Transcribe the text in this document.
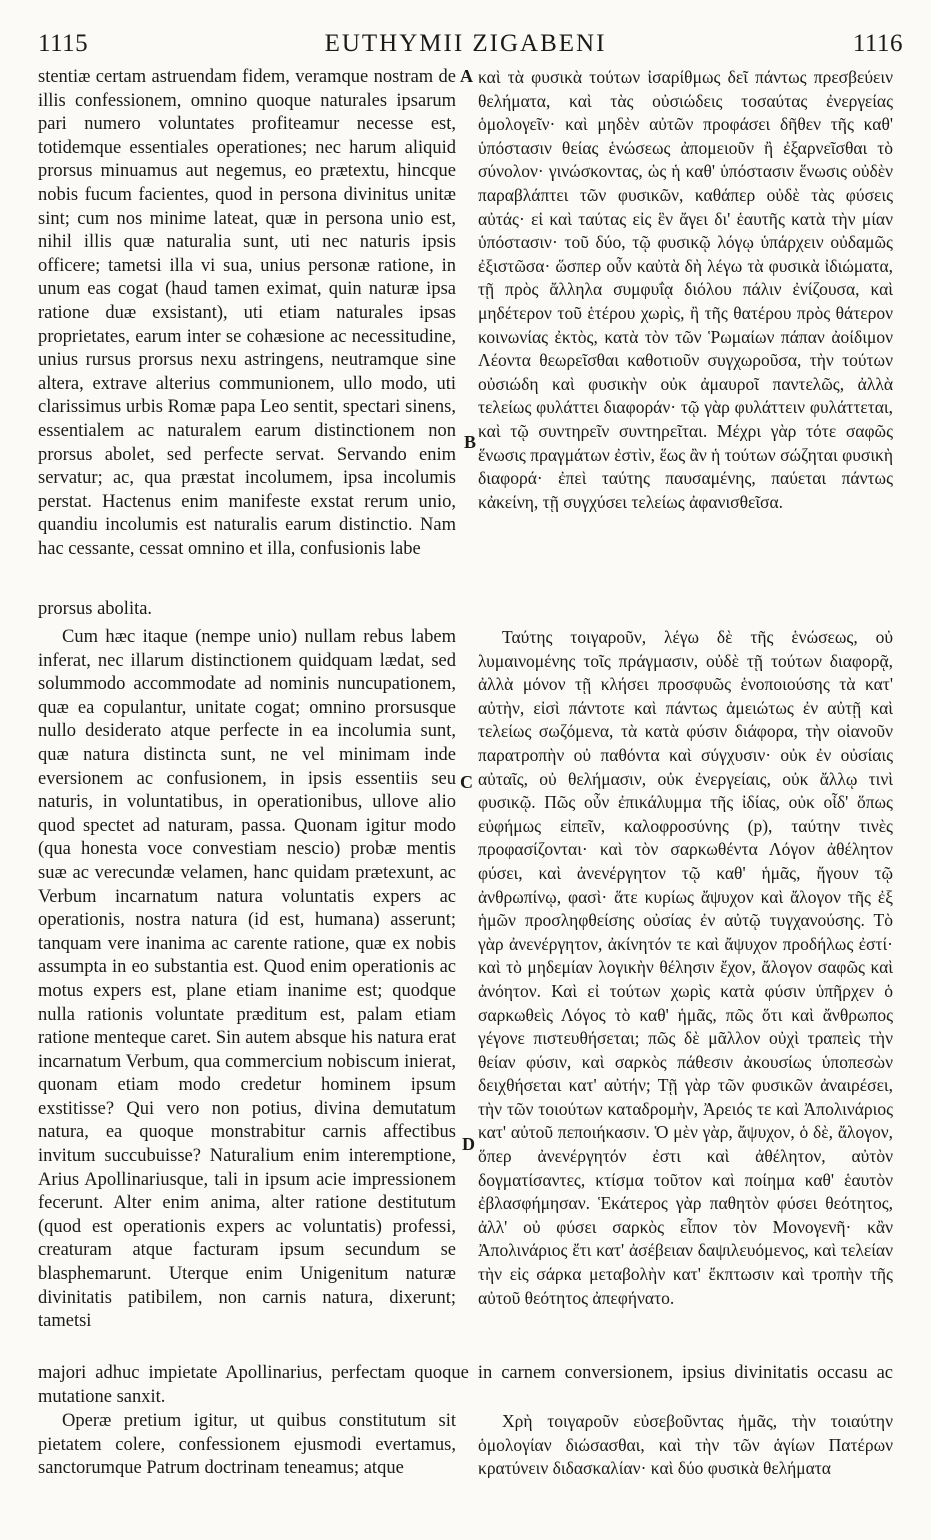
1115	EUTHYMII ZIGABENI	1116
A
B
C
D
stentiæ certam astruendam fidem, veramque nostram de illis confessionem, omnino quoque naturales ipsarum pari numero voluntates profiteamur necesse est, totidemque essentiales operationes; nec harum aliquid prorsus minuamus aut negemus, eo prætextu, hincque nobis fucum facientes, quod in persona divinitus unitæ sint; cum nos minime lateat, quæ in persona unio est, nihil illis quæ naturalia sunt, uti nec naturis ipsis officere; tametsi illa vi sua, unius personæ ratione, in unum eas cogat (haud tamen eximat, quin naturæ ipsa ratione duæ exsistant), uti etiam naturales ipsas proprietates, earum inter se cohæsione ac necessitudine, unius rursus prorsus nexu astringens, neutramque sine altera, extrave alterius communionem, ullo modo, uti clarissimus urbis Romæ papa Leo sentit, spectari sinens, essentialem ac naturalem earum distinctionem non prorsus abolet, sed perfecte servat. Servando enim servatur; ac, qua præstat incolumem, ipsa incolumis perstat. Hactenus enim manifeste exstat rerum unio, quandiu incolumis est naturalis earum distinctio. Nam hac cessante, cessat omnino et illa, confusionis labe
καὶ τὰ φυσικὰ τούτων ἰσαρίθμως δεῖ πάντως πρεσβεύειν θελήματα, καὶ τὰς οὐσιώδεις τοσαύτας ἐνεργείας ὁμολογεῖν· καὶ μηδὲν αὐτῶν προφάσει δῆθεν τῆς καθ' ὑπόστασιν θείας ἑνώσεως ἀπομειοῦν ἢ ἐξαρνεῖσθαι τὸ σύνολον· γινώσκοντας, ὡς ἡ καθ' ὑπόστασιν ἕνωσις οὐδὲν παραβλάπτει τῶν φυσικῶν, καθάπερ οὐδὲ τὰς φύσεις αὐτάς· εἰ καὶ ταύτας εἰς ἓν ἄγει δι' ἑαυτῆς κατὰ τὴν μίαν ὑπόστασιν· τοῦ δύο, τῷ φυσικῷ λόγῳ ὑπάρχειν οὐδαμῶς ἐξιστῶσα· ὥσπερ οὖν καὐτὰ δὴ λέγω τὰ φυσικὰ ἰδιώματα, τῇ πρὸς ἄλληλα συμφυΐᾳ διόλου πάλιν ἐνίζουσα, καὶ μηδέτερον τοῦ ἑτέρου χωρὶς, ἢ τῆς θατέρου πρὸς θάτερον κοινωνίας ἐκτὸς, κατὰ τὸν τῶν Ῥωμαίων πάπαν ἀοίδιμον Λέοντα θεωρεῖσθαι καθοτιοῦν συγχωροῦσα, τὴν τούτων οὐσιώδη καὶ φυσικὴν οὐκ ἀμαυροῖ παντελῶς, ἀλλὰ τελείως φυλάττει διαφοράν· τῷ γὰρ φυλάττειν φυλάττεται, καὶ τῷ συντηρεῖν συντηρεῖται. Μέχρι γὰρ τότε σαφῶς ἕνωσις πραγμάτων ἐστὶν, ἕως ἂν ἡ τούτων σώζηται φυσικὴ διαφορά· ἐπεὶ ταύτης παυσαμένης, παύεται πάντως κἀκείνη, τῇ συγχύσει τελείως ἀφανισθεῖσα.
prorsus abolita.
Cum hæc itaque (nempe unio) nullam rebus labem inferat, nec illarum distinctionem quidquam lædat, sed solummodo accommodate ad nominis nuncupationem, quæ ea copulantur, unitate cogat; omnino prorsusque nullo desiderato atque perfecte in ea incolumia sunt, quæ natura distincta sunt, ne vel minimam inde eversionem ac confusionem, in ipsis essentiis seu naturis, in voluntatibus, in operationibus, ullove alio quod spectet ad naturam, passa. Quonam igitur modo (qua honesta voce convestiam nescio) probæ mentis suæ ac verecundæ velamen, hanc quidam prætexunt, ac Verbum incarnatum natura voluntatis expers ac operationis, nostra natura (id est, humana) asserunt; tanquam vere inanima ac carente ratione, quæ ex nobis assumpta in eo substantia est. Quod enim operationis ac motus expers est, plane etiam inanime est; quodque nulla rationis voluntate præditum est, palam etiam ratione menteque caret. Sin autem absque his natura erat incarnatum Verbum, qua commercium nobiscum inierat, quonam etiam modo credetur hominem ipsum exstitisse? Qui vero non potius, divina demutatum natura, ea quoque monstrabitur carnis affectibus invitum succubuisse? Naturalium enim interemptione, Arius Apollinariusque, tali in ipsum acie impressionem fecerunt. Alter enim anima, alter ratione destitutum (quod est operationis expers ac voluntatis) professi, creaturam atque facturam ipsum secundum se blasphemarunt. Uterque enim Unigenitum naturæ divinitatis patibilem, non carnis natura, dixerunt; tametsi
Ταύτης τοιγαροῦν, λέγω δὲ τῆς ἑνώσεως, οὐ λυμαινομένης τοῖς πράγμασιν, οὐδὲ τῇ τούτων διαφορᾷ, ἀλλὰ μόνον τῇ κλήσει προσφυῶς ἑνοποιούσης τὰ κατ' αὐτὴν, εἰσὶ πάντοτε καὶ πάντως ἀμειώτως ἐν αὐτῇ καὶ τελείως σωζόμενα, τὰ κατὰ φύσιν διάφορα, τὴν οἱανοῦν παρατροπὴν οὐ παθόντα καὶ σύγχυσιν· οὐκ ἐν οὐσίαις αὐταῖς, οὐ θελήμασιν, οὐκ ἐνεργείαις, οὐκ ἄλλῳ τινὶ φυσικῷ. Πῶς οὖν ἐπικάλυμμα τῆς ἰδίας, οὐκ οἶδ' ὅπως εὐφήμως εἰπεῖν, καλοφροσύνης (p), ταύτην τινὲς προφασίζονται· καὶ τὸν σαρκωθέντα Λόγον ἀθέλητον φύσει, καὶ ἀνενέργητον τῷ καθ' ἡμᾶς, ἤγουν τῷ ἀνθρωπίνῳ, φασὶ· ἅτε κυρίως ἄψυχον καὶ ἄλογον τῆς ἐξ ἡμῶν προσληφθείσης οὐσίας ἐν αὐτῷ τυγχανούσης. Τὸ γὰρ ἀνενέργητον, ἀκίνητόν τε καὶ ἄψυχον προδήλως ἐστί· καὶ τὸ μηδεμίαν λογικὴν θέλησιν ἔχον, ἄλογον σαφῶς καὶ ἀνόητον. Καὶ εἰ τούτων χωρὶς κατὰ φύσιν ὑπῆρχεν ὁ σαρκωθεὶς Λόγος τὸ καθ' ἡμᾶς, πῶς ὅτι καὶ ἄνθρωπος γέγονε πιστευθήσεται; πῶς δὲ μᾶλλον οὐχὶ τραπεὶς τὴν θείαν φύσιν, καὶ σαρκὸς πάθεσιν ἀκουσίως ὑποπεσὼν δειχθήσεται κατ' αὐτήν; Τῇ γὰρ τῶν φυσικῶν ἀναιρέσει, τὴν τῶν τοιούτων καταδρομὴν, Ἀρειός τε καὶ Ἀπολινάριος κατ' αὐτοῦ πεποιήκασιν. Ὁ μὲν γὰρ, ἄψυχον, ὁ δὲ, ἄλογον, ὅπερ ἀνενέργητόν ἐστι καὶ ἀθέλητον, αὐτὸν δογματίσαντες, κτίσμα τοῦτον καὶ ποίημα καθ' ἑαυτὸν ἐβλασφήμησαν. Ἑκάτερος γὰρ παθητὸν φύσει θεότητος, ἀλλ' οὐ φύσει σαρκὸς εἶπον τὸν Μονογενῆ· κἂν Ἀπολινάριος ἔτι κατ' ἀσέβειαν δαψιλευόμενος, καὶ τελείαν τὴν εἰς σάρκα μεταβολὴν κατ' ἔκπτωσιν καὶ τροπὴν τῆς αὐτοῦ θεότητος ἀπεφήνατο.
majori adhuc impietate Apollinarius, perfectam quoque in carnem conversionem, ipsius divinitatis occasu ac mutatione sanxit.
Operæ pretium igitur, ut quibus constitutum sit pietatem colere, confessionem ejusmodi evertamus, sanctorumque Patrum doctrinam teneamus; atque
Χρὴ τοιγαροῦν εὐσεβοῦντας ἡμᾶς, τὴν τοιαύτην ὁμολογίαν διώσασθαι, καὶ τὴν τῶν ἁγίων Πατέρων κρατύνειν διδασκαλίαν· καὶ δύο φυσικὰ θελήματα
